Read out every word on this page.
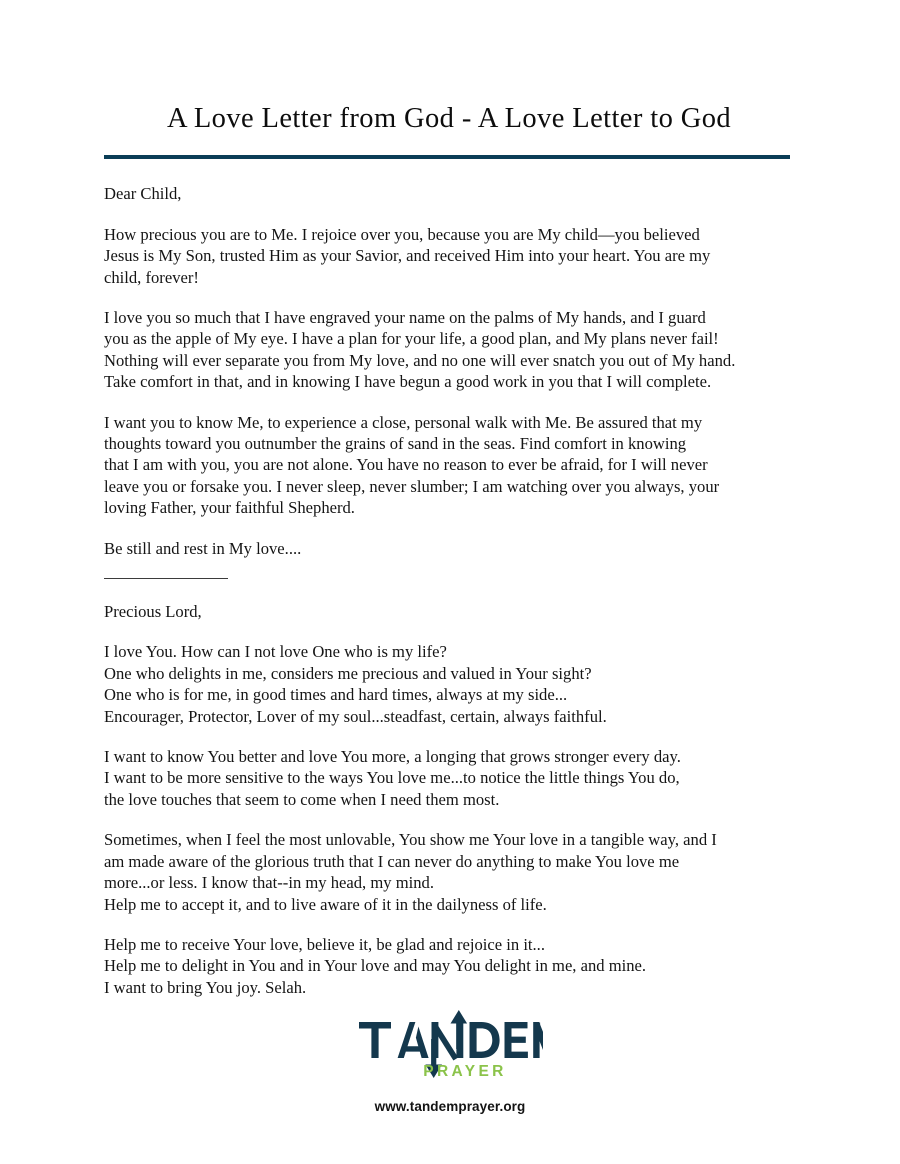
A Love Letter from God - A Love Letter to God

Dear Child,

How precious you are to Me. I rejoice over you, because you are My child—you believed
Jesus is My Son, trusted Him as your Savior, and received Him into your heart. You are my
child, forever!

I love you so much that I have engraved your name on the palms of My hands, and I guard
you as the apple of My eye. I have a plan for your life, a good plan, and My plans never fail!
Nothing will ever separate you from My love, and no one will ever snatch you out of My hand.
Take comfort in that, and in knowing I have begun a good work in you that I will complete.

I want you to know Me, to experience a close, personal walk with Me. Be assured that my
thoughts toward you outnumber the grains of sand in the seas. Find comfort in knowing
that I am with you, you are not alone. You have no reason to ever be afraid, for I will never
leave you or forsake you. I never sleep, never slumber; I am watching over you always, your
loving Father, your faithful Shepherd.

Be still and rest in My love....

Precious Lord,

I love You. How can I not love One who is my life?
One who delights in me, considers me precious and valued in Your sight?
One who is for me, in good times and hard times, always at my side...
Encourager, Protector, Lover of my soul...steadfast, certain, always faithful.

I want to know You better and love You more, a longing that grows stronger every day.
I want to be more sensitive to the ways You love me...to notice the little things You do,
the love touches that seem to come when I need them most.

Sometimes, when I feel the most unlovable, You show me Your love in a tangible way, and I
am made aware of the glorious truth that I can never do anything to make You love me
more...or less. I know that--in my head, my mind.
Help me to accept it, and to live aware of it in the dailyness of life.

Help me to receive Your love, believe it, be glad and rejoice in it...
Help me to delight in You and in Your love and may You delight in me, and mine.
I want to bring You joy. Selah.

™
PRAYER
www.tandemprayer.org
